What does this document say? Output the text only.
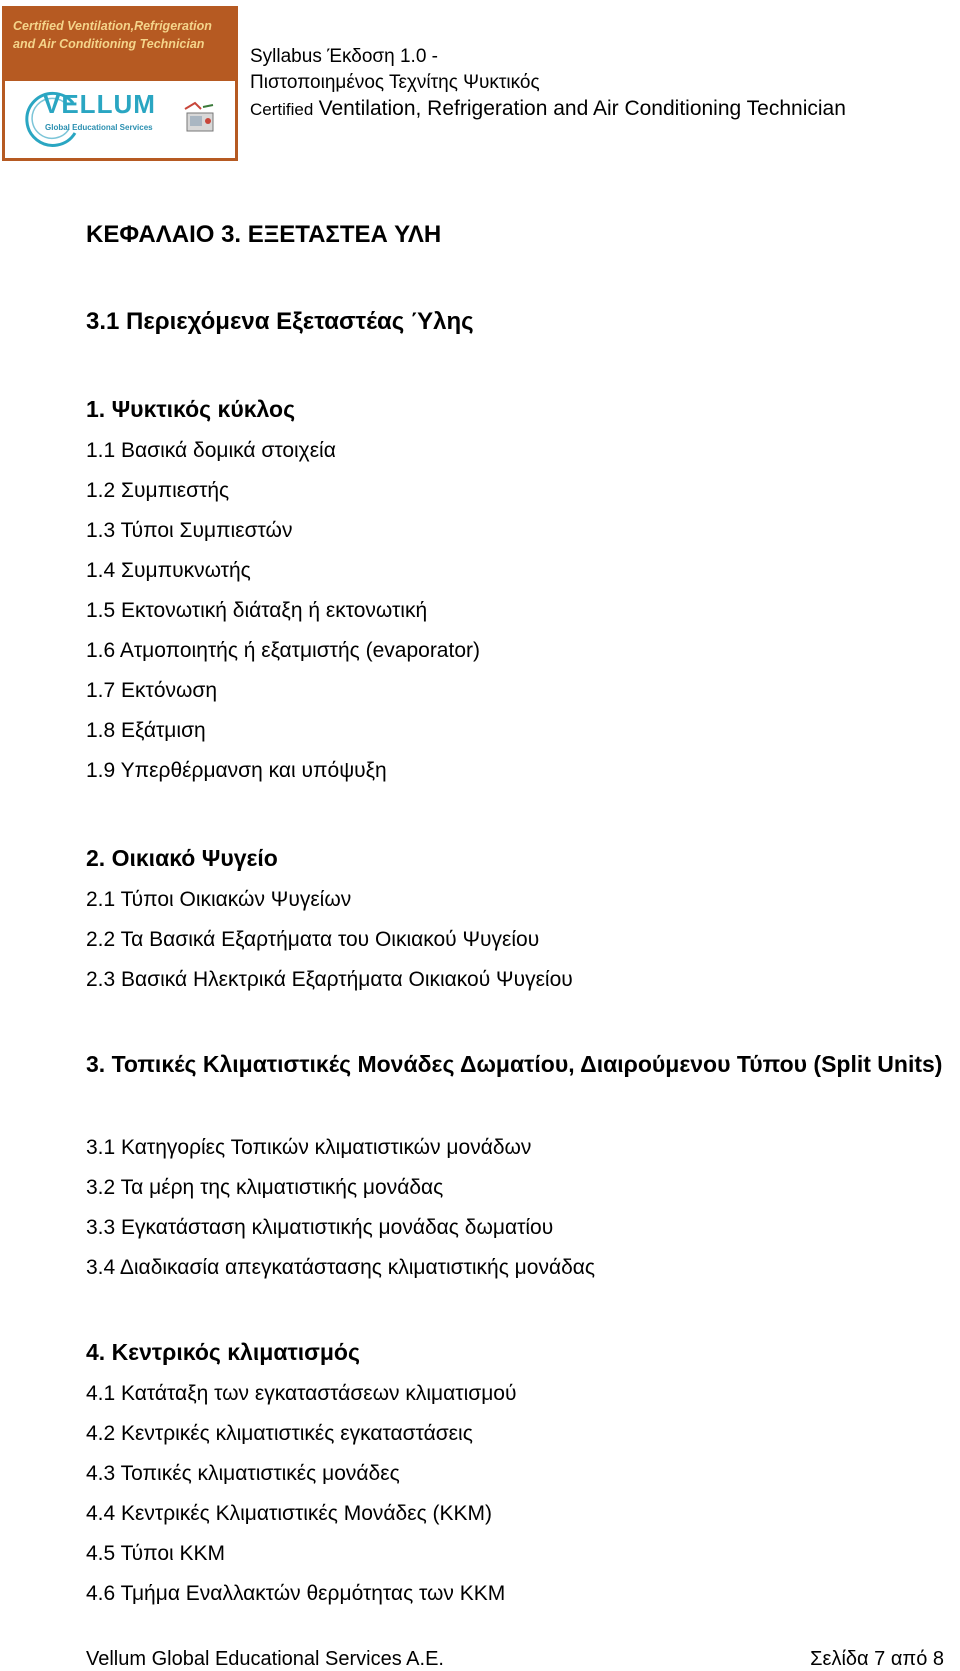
Certified Ventilation,Refrigeration
and Air Conditioning Technician
VELLUM
Global Educational Services
Syllabus Έκδοση 1.0 -
Πιστοποιημένος Τεχνίτης Ψυκτικός
Certified Ventilation, Refrigeration and Air Conditioning Technician
ΚΕΦΑΛΑΙΟ 3. ΕΞΕΤΑΣΤΕΑ ΥΛΗ
3.1 Περιεχόμενα Εξεταστέας Ύλης
1. Ψυκτικός κύκλος
1.1 Βασικά δομικά στοιχεία
1.2 Συμπιεστής
1.3 Τύποι Συμπιεστών
1.4 Συμπυκνωτής
1.5 Εκτονωτική διάταξη ή εκτονωτική
1.6 Ατμοποιητής ή εξατμιστής (evaporator)
1.7 Εκτόνωση
1.8 Εξάτμιση
1.9 Υπερθέρμανση και υπόψυξη
2. Οικιακό Ψυγείο
2.1 Τύποι Οικιακών Ψυγείων
2.2 Τα Βασικά Εξαρτήματα του Οικιακού Ψυγείου
2.3 Βασικά Ηλεκτρικά Εξαρτήματα Οικιακού Ψυγείου
3. Τοπικές Κλιματιστικές Μονάδες Δωματίου, Διαιρούμενου Τύπου (Split Units)
3.1 Κατηγορίες Τοπικών κλιματιστικών μονάδων
3.2 Τα μέρη της κλιματιστικής μονάδας
3.3 Εγκατάσταση κλιματιστικής μονάδας δωματίου
3.4 Διαδικασία απεγκατάστασης κλιματιστικής μονάδας
4. Κεντρικός κλιματισμός
4.1 Κατάταξη των εγκαταστάσεων κλιματισμού
4.2 Κεντρικές κλιματιστικές εγκαταστάσεις
4.3 Τοπικές κλιματιστικές μονάδες
4.4 Κεντρικές Κλιματιστικές Μονάδες (ΚΚΜ)
4.5 Τύποι ΚΚΜ
4.6 Τμήμα Εναλλακτών θερμότητας των ΚΚΜ
Vellum Global Educational Services A.E.	Σελίδα 7 από 8
